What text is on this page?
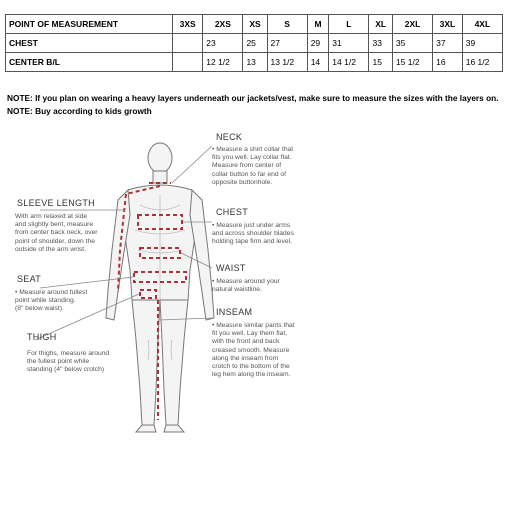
POINT OF MEASUREMENT	3XS	2XS	XS	S	M	L	XL	2XL	3XL	4XL
CHEST		23	25	27	29	31	33	35	37	39
CENTER B/L		12 1/2	13	13 1/2	14	14 1/2	15	15 1/2	16	16 1/2
NOTE: If you plan on wearing a heavy layers underneath our jackets/vest, make sure to measure the sizes with the layers on.
NOTE: Buy according to kids growth
NECK
• Measure a shirt collar that
fits you well. Lay collar flat.
Measure from center of
collar button to far end of
opposite buttonhole.
SLEEVE LENGTH
With arm relaxed at side
and slightly bent, measure
from center back neck, over
point of shoulder, down the
outside of the arm wrist.
CHEST
• Measure just under arms
and across shoulder blades
holding tape firm and level.
WAIST
• Measure around your
natural waistline.
SEAT
• Measure around fullest
point while standing.
(8" below waist).	INSEAM
• Measure similar pants that
fit you well. Lay them flat,
with the front and back
creased smooth. Measure
along the inseam from
crotch to the bottom of the
leg hem along the inseam.
THIGH
For thighs, measure around
the fullest point while
standing (4" below crotch)
